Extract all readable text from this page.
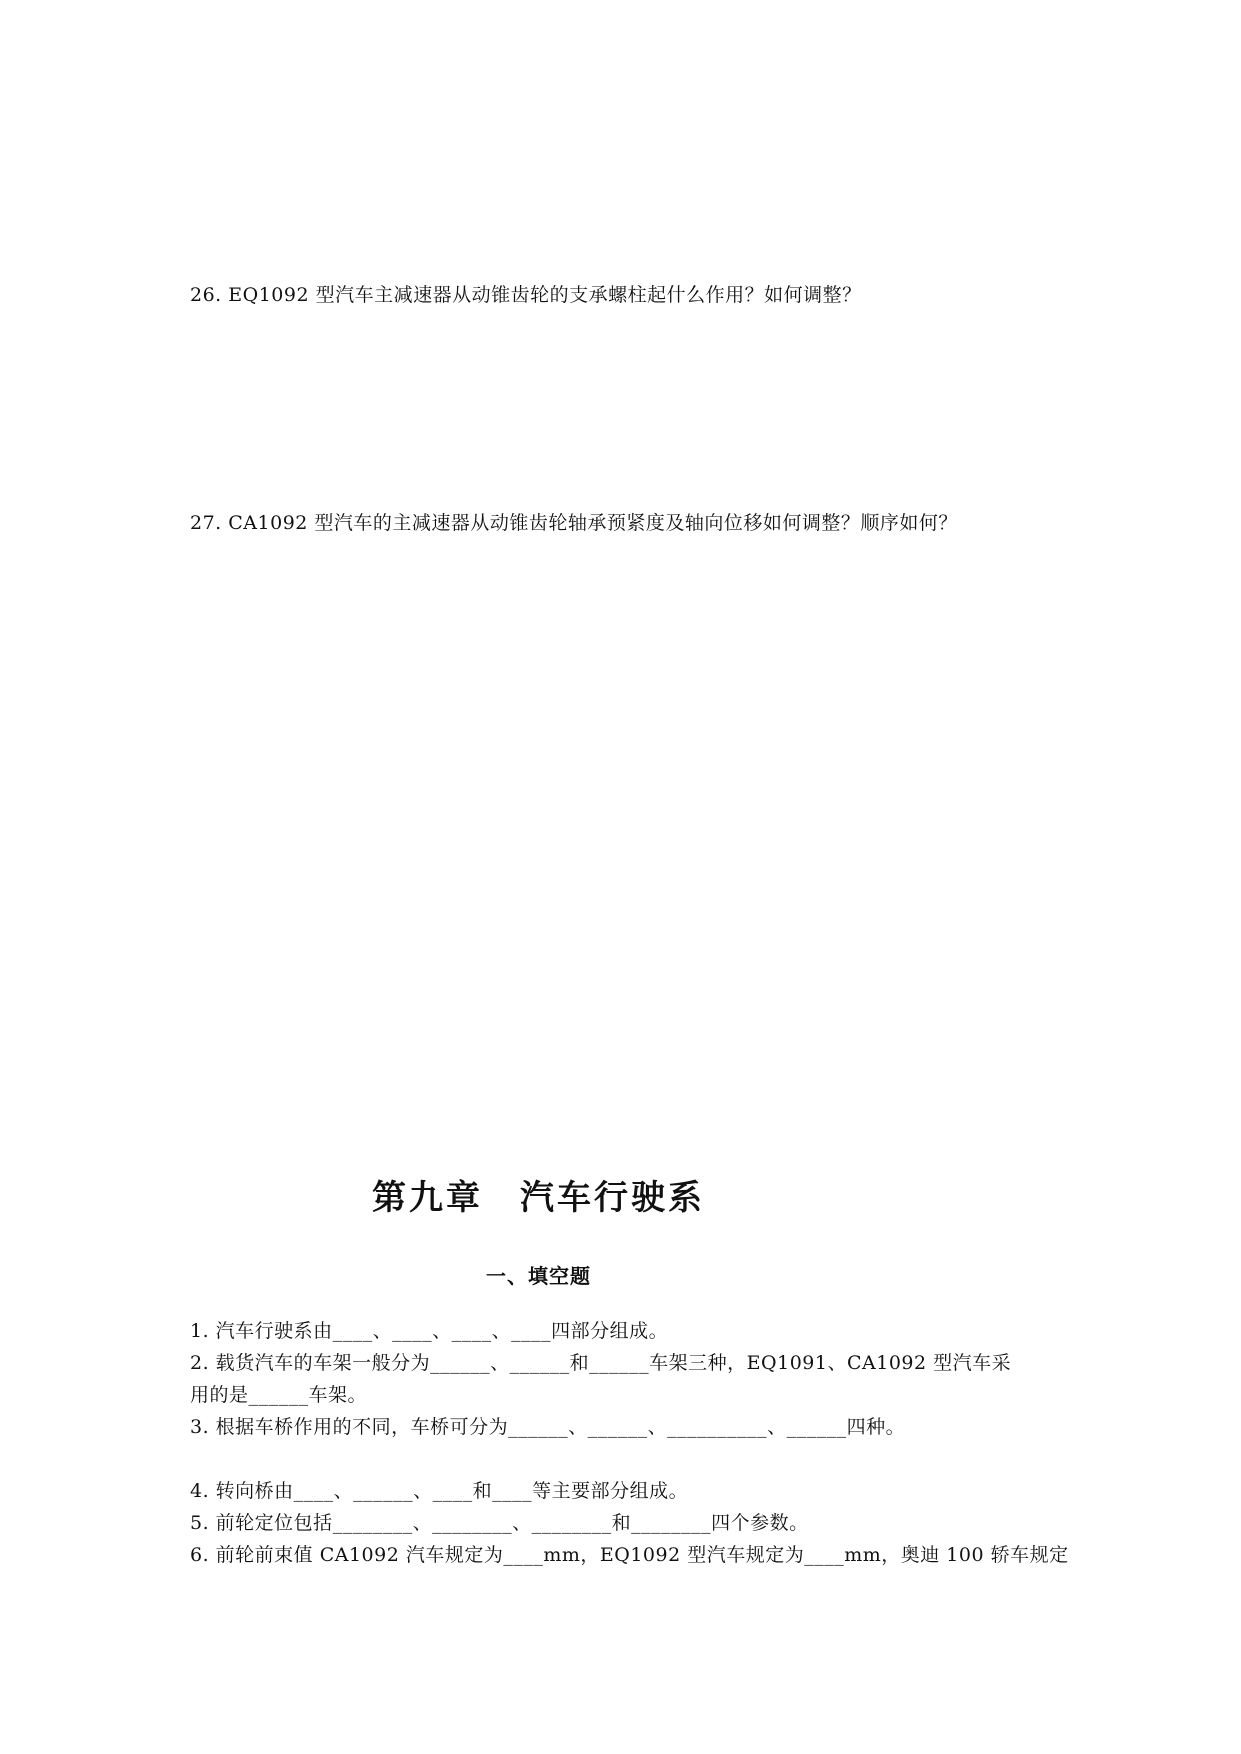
26. EQ1092 型汽车主减速器从动锥齿轮的支承螺柱起什么作用？如何调整？
27. CA1092 型汽车的主减速器从动锥齿轮轴承预紧度及轴向位移如何调整？顺序如何？
第九章　汽车行驶系
一、填空题
1. 汽车行驶系由____、____、____、____四部分组成。
2. 载货汽车的车架一般分为______、______和______车架三种，EQ1091、CA1092 型汽车采
用的是______车架。
3. 根据车桥作用的不同，车桥可分为______、______、__________、______四种。
4. 转向桥由____、______、____和____等主要部分组成。
5. 前轮定位包括________、________、________和________四个参数。
6. 前轮前束值 CA1092 汽车规定为____mm，EQ1092 型汽车规定为____mm，奥迪 100 轿车规定
